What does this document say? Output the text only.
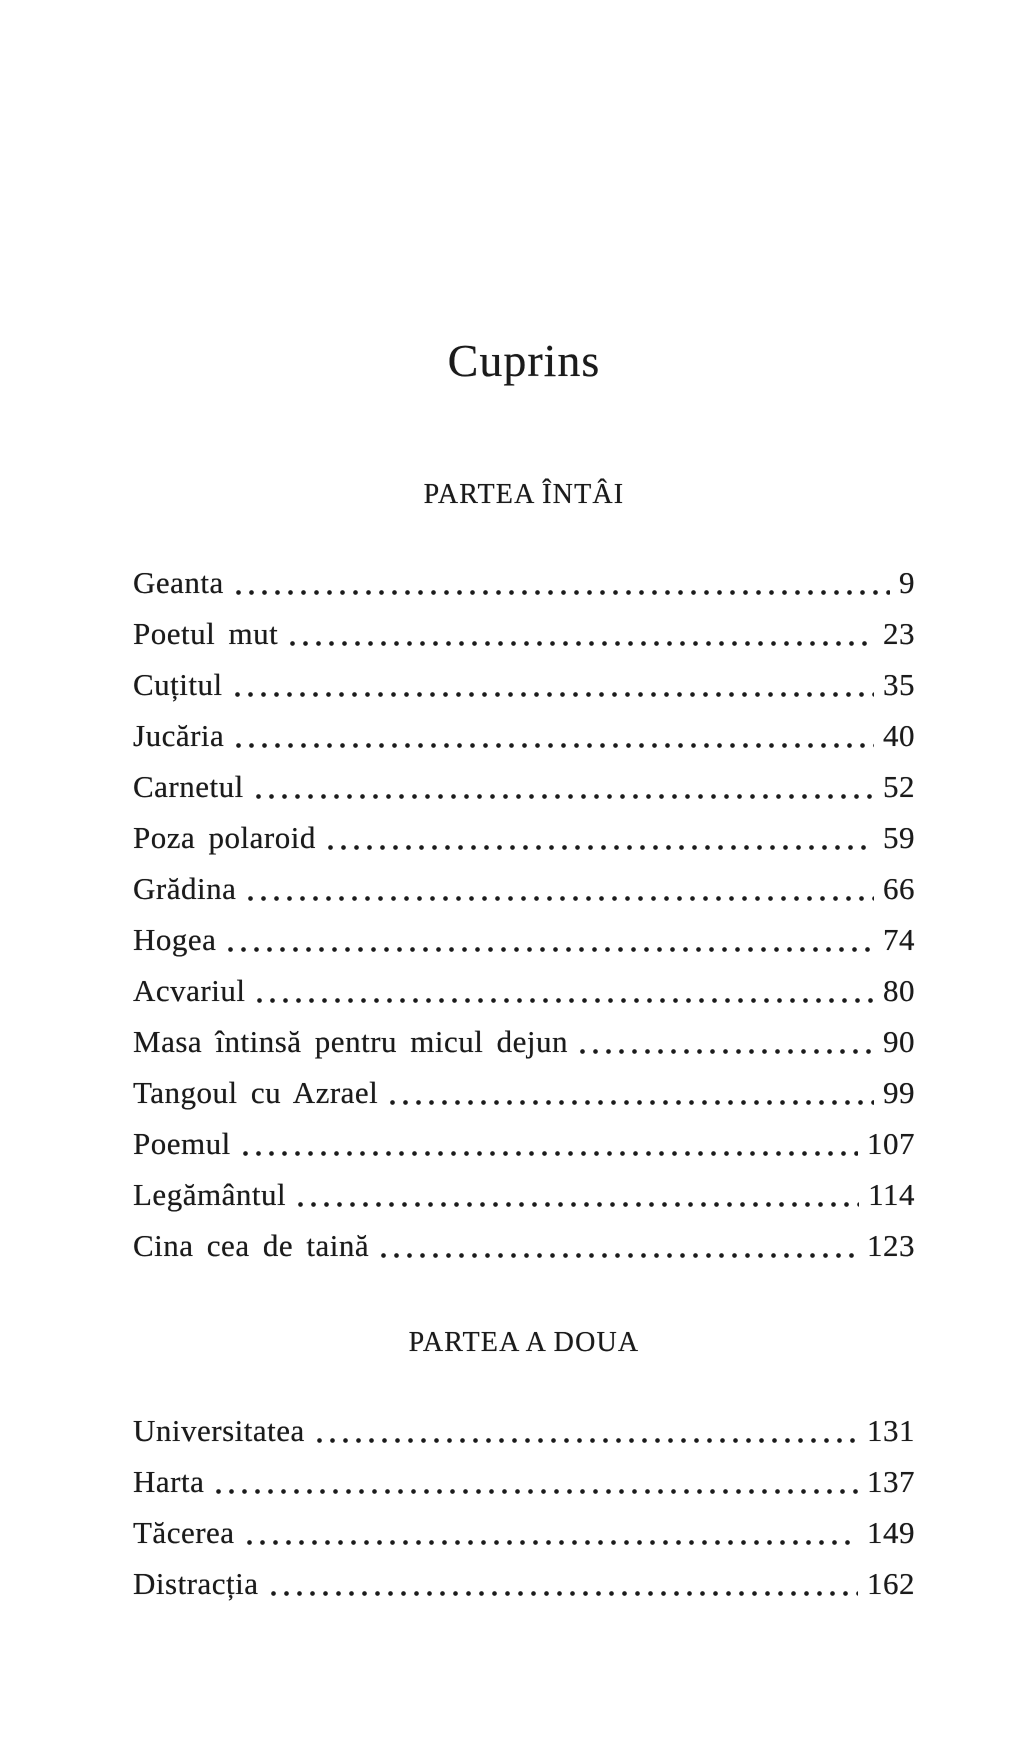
Cuprins
PARTEA ÎNTÂI
Geanta	9
Poetul mut	23
Cuțitul	35
Jucăria	40
Carnetul	52
Poza polaroid	59
Grădina	66
Hogea	74
Acvariul	80
Masa întinsă pentru micul dejun	90
Tangoul cu Azrael	99
Poemul	107
Legământul	114
Cina cea de taină	123
PARTEA A DOUA
Universitatea	131
Harta	137
Tăcerea	149
Distracția	162
